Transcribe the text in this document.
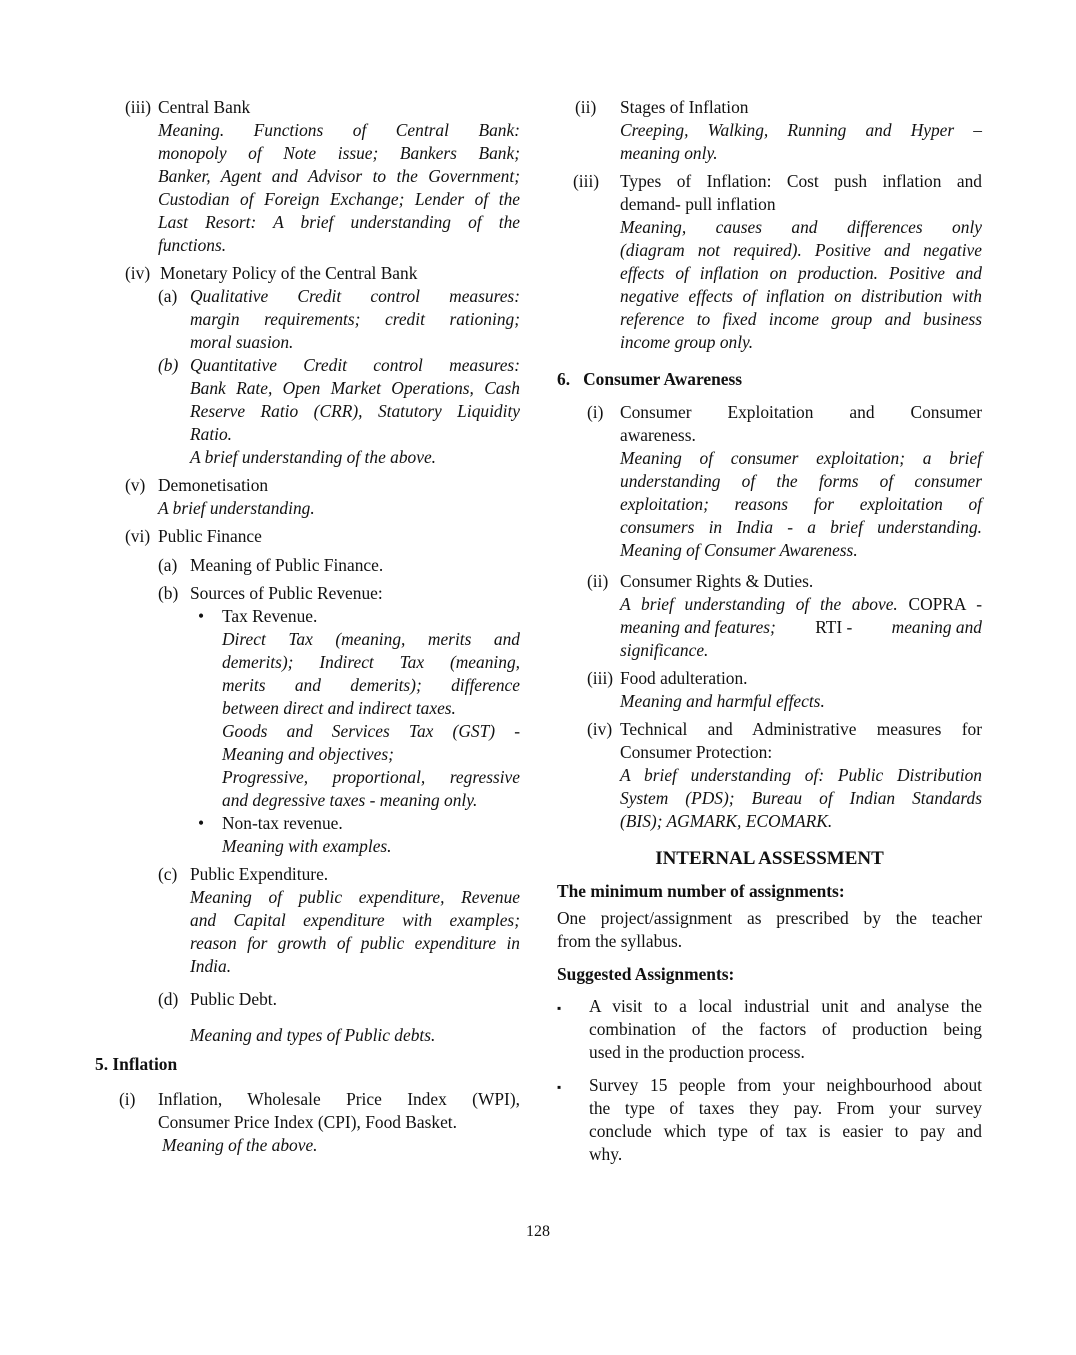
(iii) Central Bank
Meaning. Functions of Central Bank:
monopoly of Note issue; Bankers Bank;
Banker, Agent and Advisor to the Government;
Custodian of Foreign Exchange; Lender of the
Last Resort: A brief understanding of the
functions.
(iv) Monetary Policy of the Central Bank
(a) Qualitative Credit control measures:
margin requirements; credit rationing;
moral suasion.
(b) Quantitative Credit control measures:
Bank Rate, Open Market Operations, Cash
Reserve Ratio (CRR), Statutory Liquidity
Ratio.
A brief understanding of the above.
(v) Demonetisation
A brief understanding.
(vi) Public Finance
(a) Meaning of Public Finance.
(b) Sources of Public Revenue:
• Tax Revenue.
Direct Tax (meaning, merits and
demerits); Indirect Tax (meaning,
merits and demerits); difference
between direct and indirect taxes.
Goods and Services Tax (GST) -
Meaning and objectives;
Progressive, proportional, regressive
and degressive taxes - meaning only.
• Non-tax revenue.
Meaning with examples.
(c) Public Expenditure.
Meaning of public expenditure, Revenue
and Capital expenditure with examples;
reason for growth of public expenditure in
India.
(d) Public Debt.
Meaning and types of Public debts.
5. Inflation
(i) Inflation, Wholesale Price Index (WPI),
Consumer Price Index (CPI), Food Basket.
Meaning of the above.
(ii) Stages of Inflation
Creeping, Walking, Running and Hyper –
meaning only.
(iii) Types of Inflation: Cost push inflation and
demand- pull inflation
Meaning, causes and differences only
(diagram not required). Positive and negative
effects of inflation on production. Positive and
negative effects of inflation on distribution with
reference to fixed income group and business
income group only.
6.   Consumer Awareness
(i) Consumer Exploitation and Consumer
awareness.
Meaning of consumer exploitation; a brief
understanding of the forms of consumer
exploitation; reasons for exploitation of
consumers in India - a brief understanding.
Meaning of Consumer Awareness.
(ii) Consumer Rights & Duties.
A brief understanding of the above. COPRA -
meaning and features; RTI - meaning and
significance.
(iii) Food adulteration.
Meaning and harmful effects.
(iv) Technical and Administrative measures for
Consumer Protection:
A brief understanding of: Public Distribution
System (PDS); Bureau of Indian Standards
(BIS); AGMARK, ECOMARK.
INTERNAL ASSESSMENT
The minimum number of assignments:
One project/assignment as prescribed by the teacher
from the syllabus.
Suggested Assignments:
▪ A visit to a local industrial unit and analyse the
combination of the factors of production being
used in the production process.
▪ Survey 15 people from your neighbourhood about
the type of taxes they pay. From your survey
conclude which type of tax is easier to pay and
why.
128
